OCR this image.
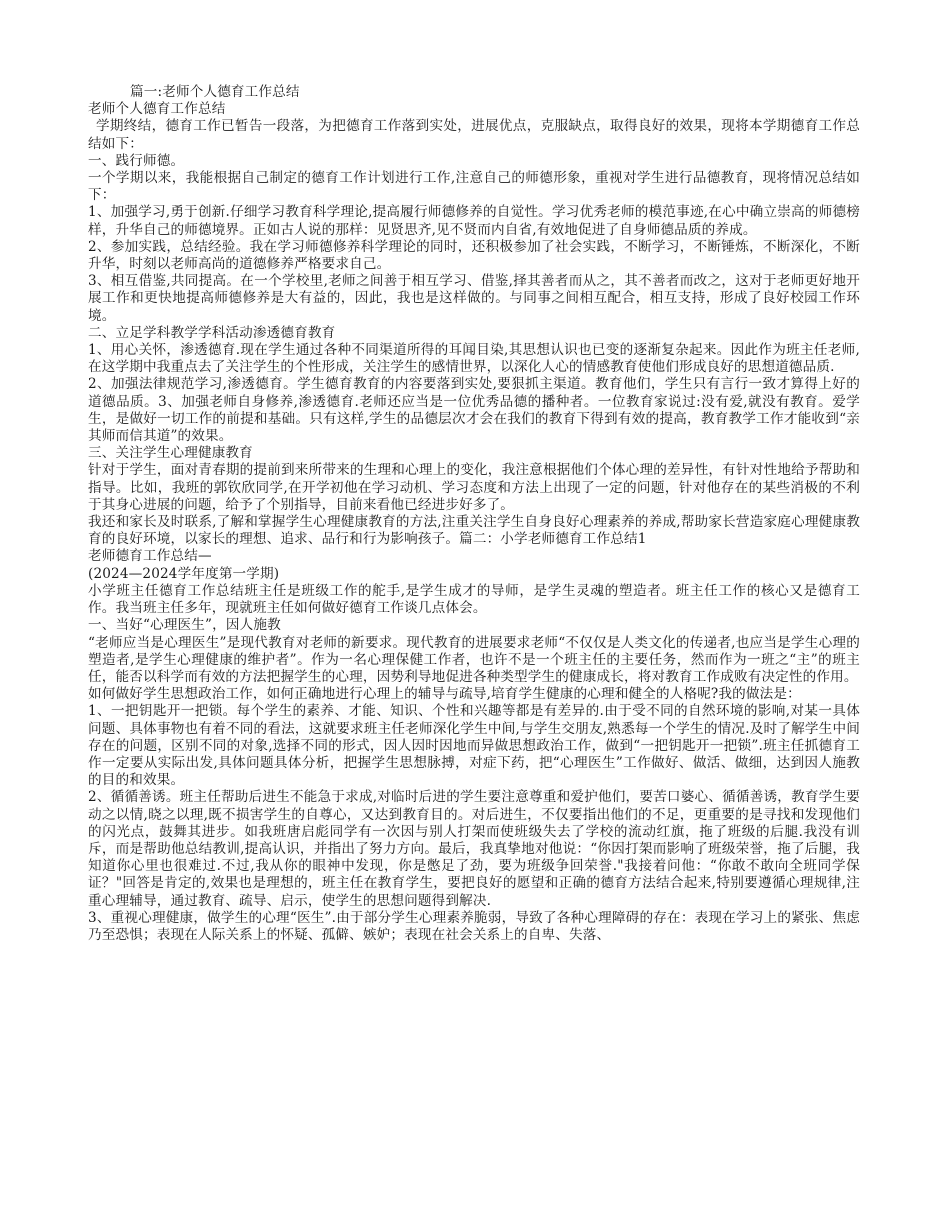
篇一:老师个人德育工作总结

老师个人德育工作总结

学期终结，德育工作已暂告一段落，为把德育工作落到实处，进展优点，克服缺点，取得良好的效果，现将本学期德育工作总结如下：

一、践行师德。

一个学期以来，我能根据自己制定的德育工作计划进行工作,注意自己的师德形象，重视对学生进行品德教育，现将情况总结如下：

1、加强学习,勇于创新.仔细学习教育科学理论,提高履行师德修养的自觉性。学习优秀老师的模范事迹,在心中确立崇高的师德榜样，升华自己的师德境界。正如古人说的那样：见贤思齐,见不贤而内自省,有效地促进了自身师德品质的养成。

2、参加实践，总结经验。我在学习师德修养科学理论的同时，还积极参加了社会实践，不断学习，不断锤炼，不断深化，不断升华，时刻以老师高尚的道德修养严格要求自己。

3、相互借鉴,共同提高。在一个学校里,老师之间善于相互学习、借鉴,择其善者而从之，其不善者而改之，这对于老师更好地开展工作和更快地提高师德修养是大有益的，因此，我也是这样做的。与同事之间相互配合，相互支持，形成了良好校园工作环境。

二、立足学科教学学科活动渗透德育教育

1、用心关怀，渗透德育.现在学生通过各种不同渠道所得的耳闻目染,其思想认识也已变的逐渐复杂起来。因此作为班主任老师,在这学期中我重点去了关注学生的个性形成，关注学生的感情世界，以深化人心的情感教育使他们形成良好的思想道德品质.

2、加强法律规范学习,渗透德育。学生德育教育的内容要落到实处,要狠抓主渠道。教育他们，学生只有言行一致才算得上好的道德品质。3、加强老师自身修养,渗透德育.老师还应当是一位优秀品德的播种者。一位教育家说过:没有爱,就没有教育。爱学生，是做好一切工作的前提和基础。只有这样,学生的品德层次才会在我们的教育下得到有效的提高，教育教学工作才能收到“亲其师而信其道”的效果。

三、关注学生心理健康教育

针对于学生，面对青春期的提前到来所带来的生理和心理上的变化，我注意根据他们个体心理的差异性，有针对性地给予帮助和指导。比如，我班的郭钦欣同学,在开学初他在学习动机、学习态度和方法上出现了一定的问题，针对他存在的某些消极的不利于其身心进展的问题，给予了个别指导，目前来看他已经进步好多了。

我还和家长及时联系,了解和掌握学生心理健康教育的方法,注重关注学生自身良好心理素养的养成,帮助家长营造家庭心理健康教育的良好环境，以家长的理想、追求、品行和行为影响孩子。篇二：小学老师德育工作总结1

老师德育工作总结—

(2024—2024学年度第一学期)

小学班主任德育工作总结班主任是班级工作的舵手,是学生成才的导师，是学生灵魂的塑造者。班主任工作的核心又是德育工作。我当班主任多年，现就班主任如何做好德育工作谈几点体会。

一、当好“心理医生”，因人施教

“老师应当是心理医生”是现代教育对老师的新要求。现代教育的进展要求老师“不仅仅是人类文化的传递者,也应当是学生心理的塑造者,是学生心理健康的维护者”。作为一名心理保健工作者，也许不是一个班主任的主要任务，然而作为一班之“主”的班主任，能否以科学而有效的方法把握学生的心理，因势利导地促进各种类型学生的健康成长，将对教育工作成败有决定性的作用。

如何做好学生思想政治工作，如何正确地进行心理上的辅导与疏导,培育学生健康的心理和健全的人格呢?我的做法是：

1、一把钥匙开一把锁。每个学生的素养、才能、知识、个性和兴趣等都是有差异的.由于受不同的自然环境的影响,对某一具体问题、具体事物也有着不同的看法，这就要求班主任老师深化学生中间,与学生交朋友,熟悉每一个学生的情况.及时了解学生中间存在的问题，区别不同的对象,选择不同的形式，因人因时因地而异做思想政治工作，做到“一把钥匙开一把锁”.班主任抓德育工作一定要从实际出发,具体问题具体分析，把握学生思想脉搏，对症下药，把“心理医生”工作做好、做活、做细，达到因人施教的目的和效果。

2、循循善诱。班主任帮助后进生不能急于求成,对临时后进的学生要注意尊重和爱护他们，要苦口婆心、循循善诱，教育学生要动之以情,晓之以理,既不损害学生的自尊心，又达到教育目的。对后进生，不仅要指出他们的不足，更重要的是寻找和发现他们的闪光点，鼓舞其进步。如我班唐启彪同学有一次因与别人打架而使班级失去了学校的流动红旗，拖了班级的后腿.我没有训斥，而是帮助他总结教训,提高认识，并指出了努力方向。最后，我真挚地对他说：“你因打架而影响了班级荣誉，拖了后腿，我知道你心里也很难过.不过,我从你的眼神中发现，你是憋足了劲，要为班级争回荣誉."我接着问他：“你敢不敢向全班同学保证？"回答是肯定的,效果也是理想的，班主任在教育学生，要把良好的愿望和正确的德育方法结合起来,特别要遵循心理规律,注重心理辅导，通过教育、疏导、启示，使学生的思想问题得到解决.

3、重视心理健康，做学生的心理“医生”.由于部分学生心理素养脆弱，导致了各种心理障碍的存在：表现在学习上的紧张、焦虑乃至恐惧；表现在人际关系上的怀疑、孤僻、嫉妒；表现在社会关系上的自卑、失落、
